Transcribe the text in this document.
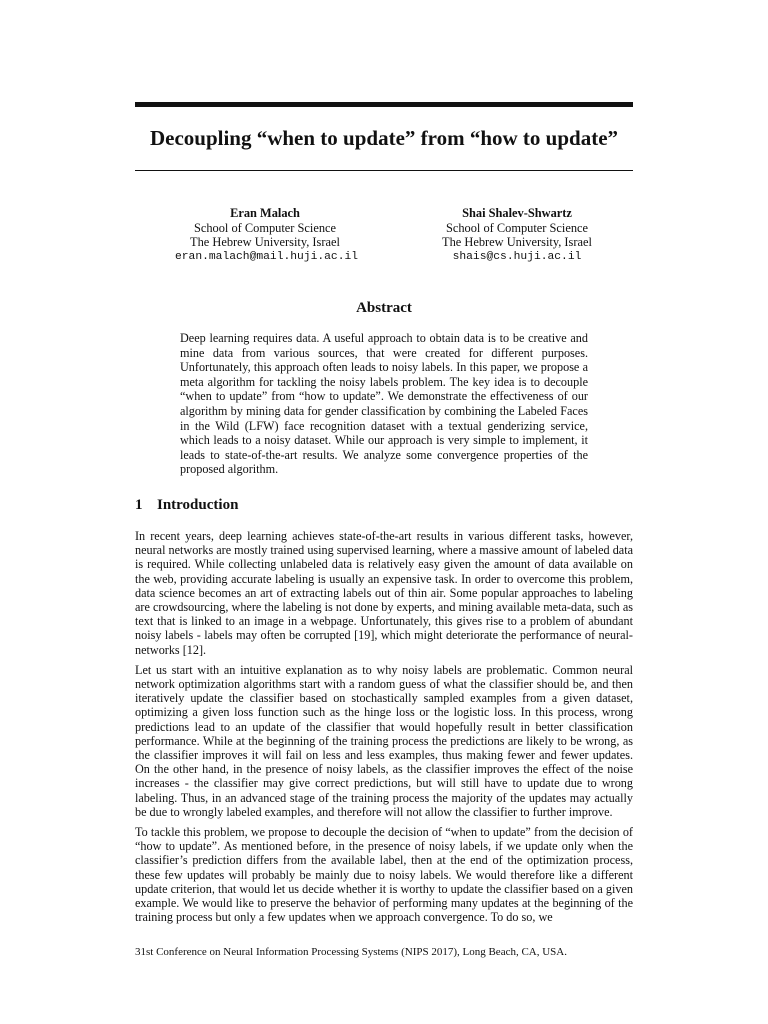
Decoupling “when to update” from “how to update”
Eran Malach
School of Computer Science
The Hebrew University, Israel
eran.malach@mail.huji.ac.il
Shai Shalev-Shwartz
School of Computer Science
The Hebrew University, Israel
shais@cs.huji.ac.il
Abstract
Deep learning requires data. A useful approach to obtain data is to be creative and mine data from various sources, that were created for different purposes. Unfortunately, this approach often leads to noisy labels. In this paper, we propose a meta algorithm for tackling the noisy labels problem. The key idea is to decouple “when to update” from “how to update”. We demonstrate the effectiveness of our algorithm by mining data for gender classification by combining the Labeled Faces in the Wild (LFW) face recognition dataset with a textual genderizing service, which leads to a noisy dataset. While our approach is very simple to implement, it leads to state-of-the-art results. We analyze some convergence properties of the proposed algorithm.
1 Introduction

In recent years, deep learning achieves state-of-the-art results in various different tasks, however, neural networks are mostly trained using supervised learning, where a massive amount of labeled data is required. While collecting unlabeled data is relatively easy given the amount of data available on the web, providing accurate labeling is usually an expensive task. In order to overcome this problem, data science becomes an art of extracting labels out of thin air. Some popular approaches to labeling are crowdsourcing, where the labeling is not done by experts, and mining available meta-data, such as text that is linked to an image in a webpage. Unfortunately, this gives rise to a problem of abundant noisy labels - labels may often be corrupted [19], which might deteriorate the performance of neural-networks [12].

Let us start with an intuitive explanation as to why noisy labels are problematic. Common neural network optimization algorithms start with a random guess of what the classifier should be, and then iteratively update the classifier based on stochastically sampled examples from a given dataset, optimizing a given loss function such as the hinge loss or the logistic loss. In this process, wrong predictions lead to an update of the classifier that would hopefully result in better classification performance. While at the beginning of the training process the predictions are likely to be wrong, as the classifier improves it will fail on less and less examples, thus making fewer and fewer updates. On the other hand, in the presence of noisy labels, as the classifier improves the effect of the noise increases - the classifier may give correct predictions, but will still have to update due to wrong labeling. Thus, in an advanced stage of the training process the majority of the updates may actually be due to wrongly labeled examples, and therefore will not allow the classifier to further improve.

To tackle this problem, we propose to decouple the decision of “when to update” from the decision of “how to update”. As mentioned before, in the presence of noisy labels, if we update only when the classifier’s prediction differs from the available label, then at the end of the optimization process, these few updates will probably be mainly due to noisy labels. We would therefore like a different update criterion, that would let us decide whether it is worthy to update the classifier based on a given example. We would like to preserve the behavior of performing many updates at the beginning of the training process but only a few updates when we approach convergence. To do so, we

31st Conference on Neural Information Processing Systems (NIPS 2017), Long Beach, CA, USA.
